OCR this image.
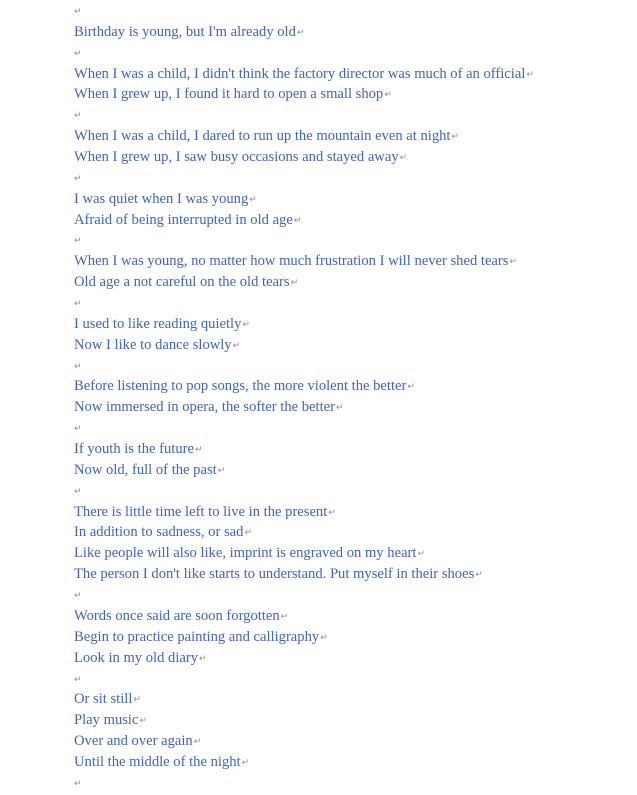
↵
Birthday is young, but I'm already old↵
↵
When I was a child, I didn't think the factory director was much of an official↵
When I grew up, I found it hard to open a small shop↵
↵
When I was a child, I dared to run up the mountain even at night↵
When I grew up, I saw busy occasions and stayed away↵
↵
I was quiet when I was young↵
Afraid of being interrupted in old age↵
↵
When I was young, no matter how much frustration I will never shed tears↵
Old age a not careful on the old tears↵
↵
I used to like reading quietly↵
Now I like to dance slowly↵
↵
Before listening to pop songs, the more violent the better↵
Now immersed in opera, the softer the better↵
↵
If youth is the future↵
Now old, full of the past↵
↵
There is little time left to live in the present↵
In addition to sadness, or sad↵
Like people will also like, imprint is engraved on my heart↵
The person I don't like starts to understand. Put myself in their shoes↵
↵
Words once said are soon forgotten↵
Begin to practice painting and calligraphy↵
Look in my old diary↵
↵
Or sit still↵
Play music↵
Over and over again↵
Until the middle of the night↵
↵
